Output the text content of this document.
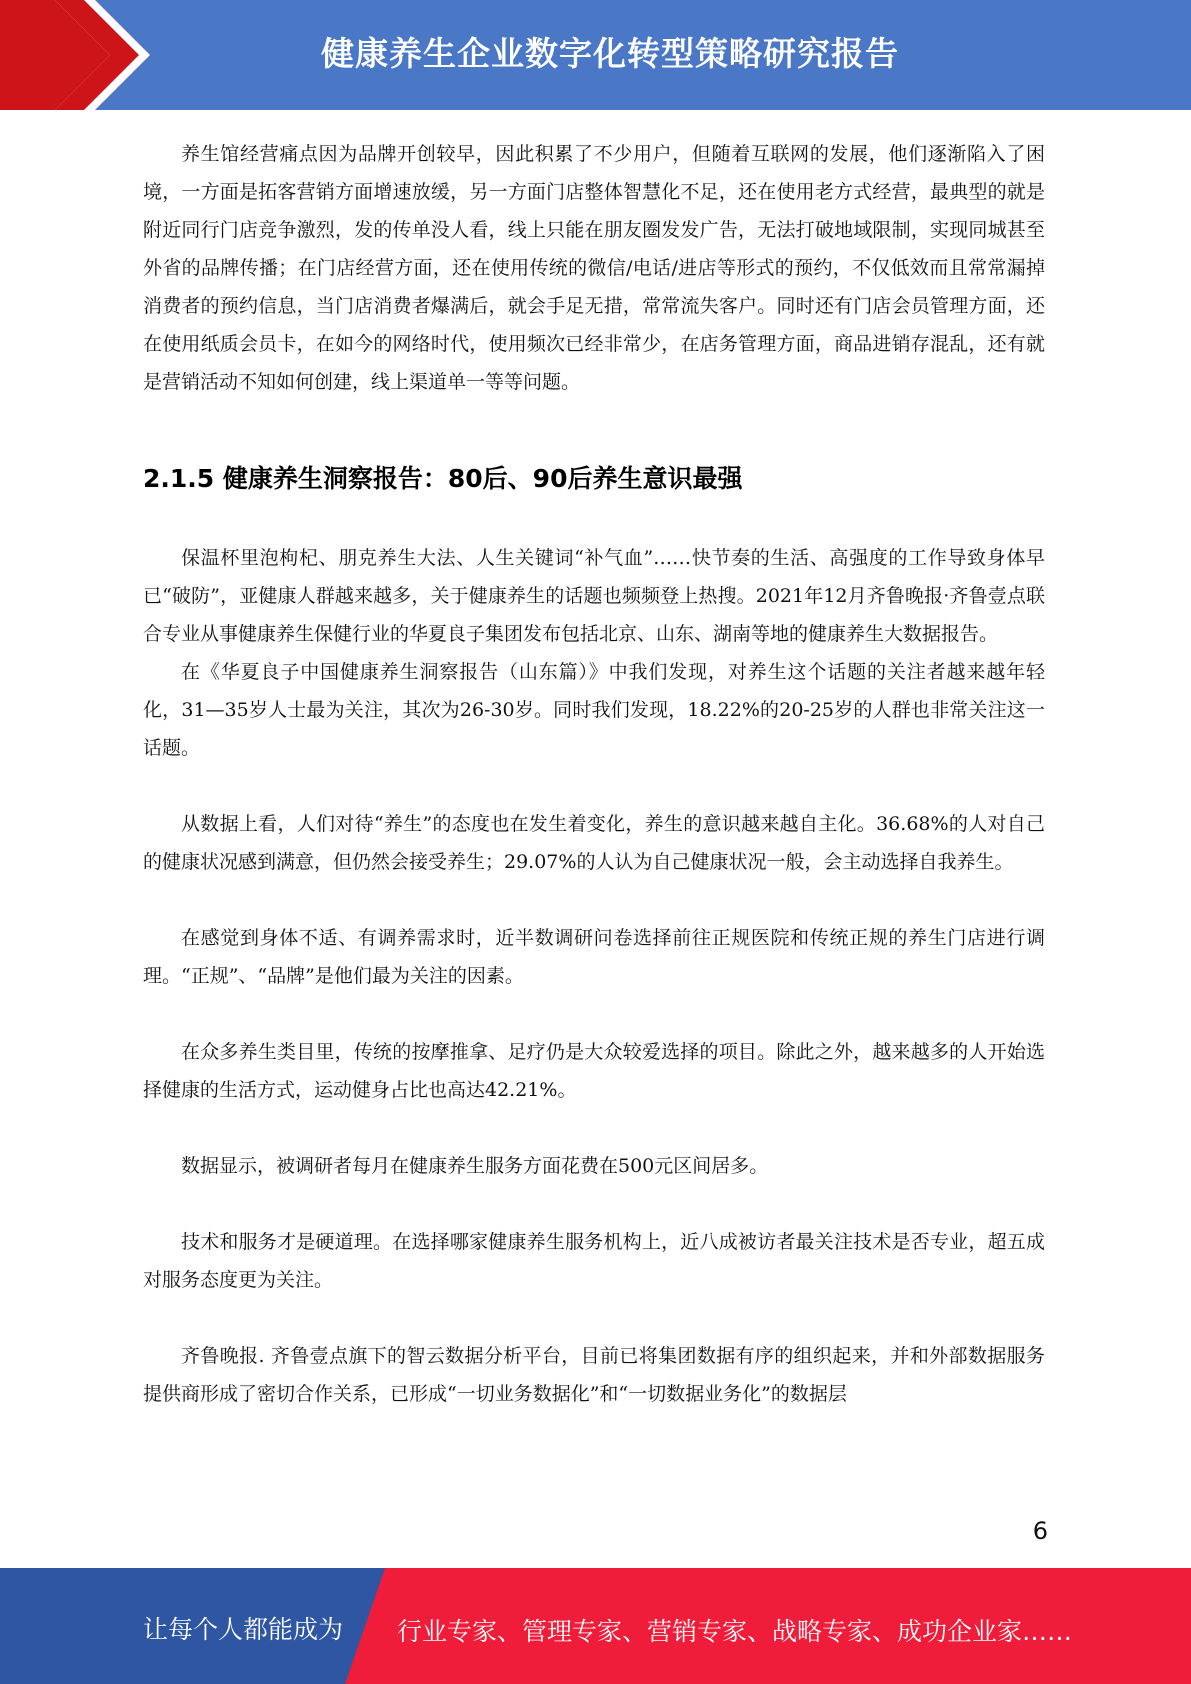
健康养生企业数字化转型策略研究报告

养生馆经营痛点因为品牌开创较早，因此积累了不少用户，但随着互联网的发展，他们逐渐陷入了困境，一方面是拓客营销方面增速放缓，另一方面门店整体智慧化不足，还在使用老方式经营，最典型的就是附近同行门店竞争激烈，发的传单没人看，线上只能在朋友圈发发广告，无法打破地域限制，实现同城甚至外省的品牌传播；在门店经营方面，还在使用传统的微信/电话/进店等形式的预约，不仅低效而且常常漏掉消费者的预约信息，当门店消费者爆满后，就会手足无措，常常流失客户。同时还有门店会员管理方面，还在使用纸质会员卡，在如今的网络时代，使用频次已经非常少，在店务管理方面，商品进销存混乱，还有就是营销活动不知如何创建，线上渠道单一等等问题。

2.1.5 健康养生洞察报告：80后、90后养生意识最强

保温杯里泡枸杞、朋克养生大法、人生关键词“补气血”……快节奏的生活、高强度的工作导致身体早已“破防”，亚健康人群越来越多，关于健康养生的话题也频频登上热搜。2021年12月齐鲁晚报·齐鲁壹点联合专业从事健康养生保健行业的华夏良子集团发布包括北京、山东、湖南等地的健康养生大数据报告。

在《华夏良子中国健康养生洞察报告（山东篇）》中我们发现，对养生这个话题的关注者越来越年轻化，31—35岁人士最为关注，其次为26-30岁。同时我们发现，18.22%的20-25岁的人群也非常关注这一话题。

从数据上看，人们对待“养生”的态度也在发生着变化，养生的意识越来越自主化。36.68%的人对自己的健康状况感到满意，但仍然会接受养生；29.07%的人认为自己健康状况一般，会主动选择自我养生。

在感觉到身体不适、有调养需求时，近半数调研问卷选择前往正规医院和传统正规的养生门店进行调理。“正规”、“品牌”是他们最为关注的因素。

在众多养生类目里，传统的按摩推拿、足疗仍是大众较爱选择的项目。除此之外，越来越多的人开始选择健康的生活方式，运动健身占比也高达42.21%。

数据显示，被调研者每月在健康养生服务方面花费在500元区间居多。

技术和服务才是硬道理。在选择哪家健康养生服务机构上，近八成被访者最关注技术是否专业，超五成对服务态度更为关注。

齐鲁晚报. 齐鲁壹点旗下的智云数据分析平台，目前已将集团数据有序的组织起来，并和外部数据服务提供商形成了密切合作关系，已形成“一切业务数据化”和“一切数据业务化”的数据层

6
让每个人都能成为 行业专家、管理专家、营销专家、战略专家、成功企业家……
